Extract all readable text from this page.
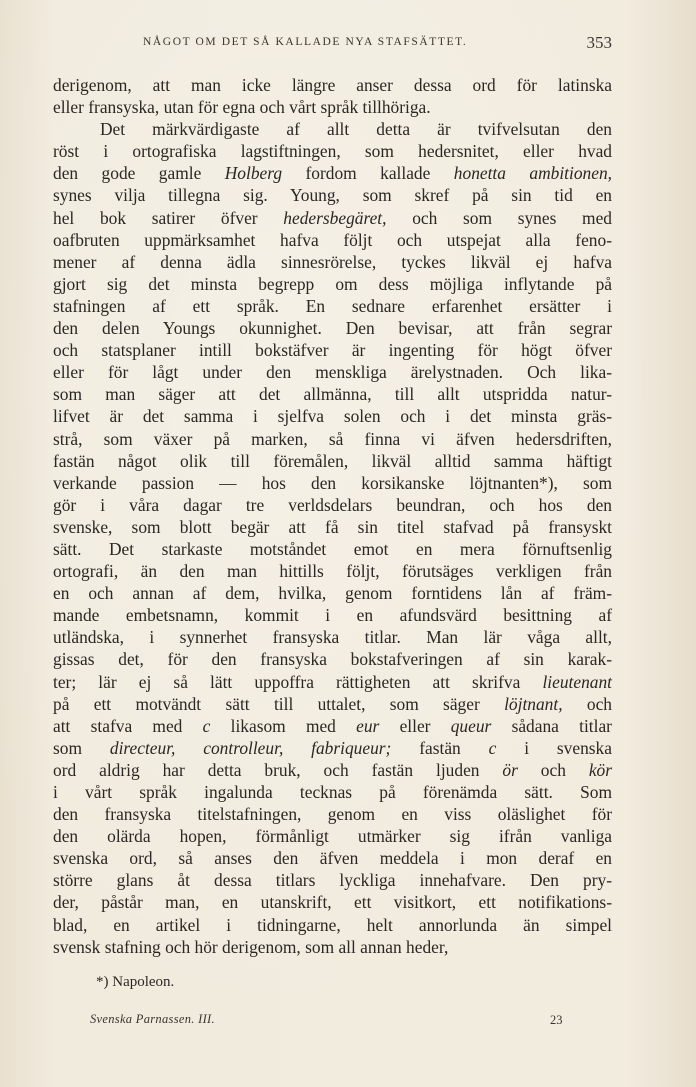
NÅGOT OM DET SÅ KALLADE NYA STAFSÄTTET.	353
derigenom, att man icke längre anser dessa ord för latinska
eller fransyska, utan för egna och vårt språk tillhöriga.
Det märkvärdigaste af allt detta är tvifvelsutan den
röst i ortografiska lagstiftningen, som hedersnitet, eller hvad
den gode gamle Holberg fordom kallade honetta ambitionen,
synes vilja tillegna sig. Young, som skref på sin tid en
hel bok satirer öfver hedersbegäret, och som synes med
oafbruten uppmärksamhet hafva följt och utspejat alla feno-
mener af denna ädla sinnesrörelse, tyckes likväl ej hafva
gjort sig det minsta begrepp om dess möjliga inflytande på
stafningen af ett språk. En sednare erfarenhet ersätter i
den delen Youngs okunnighet. Den bevisar, att från segrar
och statsplaner intill bokstäfver är ingenting för högt öfver
eller för lågt under den menskliga ärelystnaden. Och lika-
som man säger att det allmänna, till allt utspridda natur-
lifvet är det samma i sjelfva solen och i det minsta gräs-
strå, som växer på marken, så finna vi äfven hedersdriften,
fastän något olik till föremålen, likväl alltid samma häftigt
verkande passion — hos den korsikanske löjtnanten*), som
gör i våra dagar tre verldsdelars beundran, och hos den
svenske, som blott begär att få sin titel stafvad på fransyskt
sätt. Det starkaste motståndet emot en mera förnuftsenlig
ortografi, än den man hittills följt, förutsäges verkligen från
en och annan af dem, hvilka, genom forntidens lån af främ-
mande embetsnamn, kommit i en afundsvärd besittning af
utländska, i synnerhet fransyska titlar. Man lär våga allt,
gissas det, för den fransyska bokstafveringen af sin karak-
ter; lär ej så lätt uppoffra rättigheten att skrifva lieutenant
på ett motvändt sätt till uttalet, som säger löjtnant, och
att stafva med c likasom med eur eller queur sådana titlar
som directeur, controlleur, fabriqueur; fastän c i svenska
ord aldrig har detta bruk, och fastän ljuden ör och kör
i vårt språk ingalunda tecknas på förenämda sätt. Som
den fransyska titelstafningen, genom en viss oläslighet för
den olärda hopen, förmånligt utmärker sig ifrån vanliga
svenska ord, så anses den äfven meddela i mon deraf en
större glans åt dessa titlars lyckliga innehafvare. Den pry-
der, påstår man, en utanskrift, ett visitkort, ett notifikations-
blad, en artikel i tidningarne, helt annorlunda än simpel
svensk stafning och hör derigenom, som all annan heder,
*) Napoleon.
Svenska Parnassen. III.	23
